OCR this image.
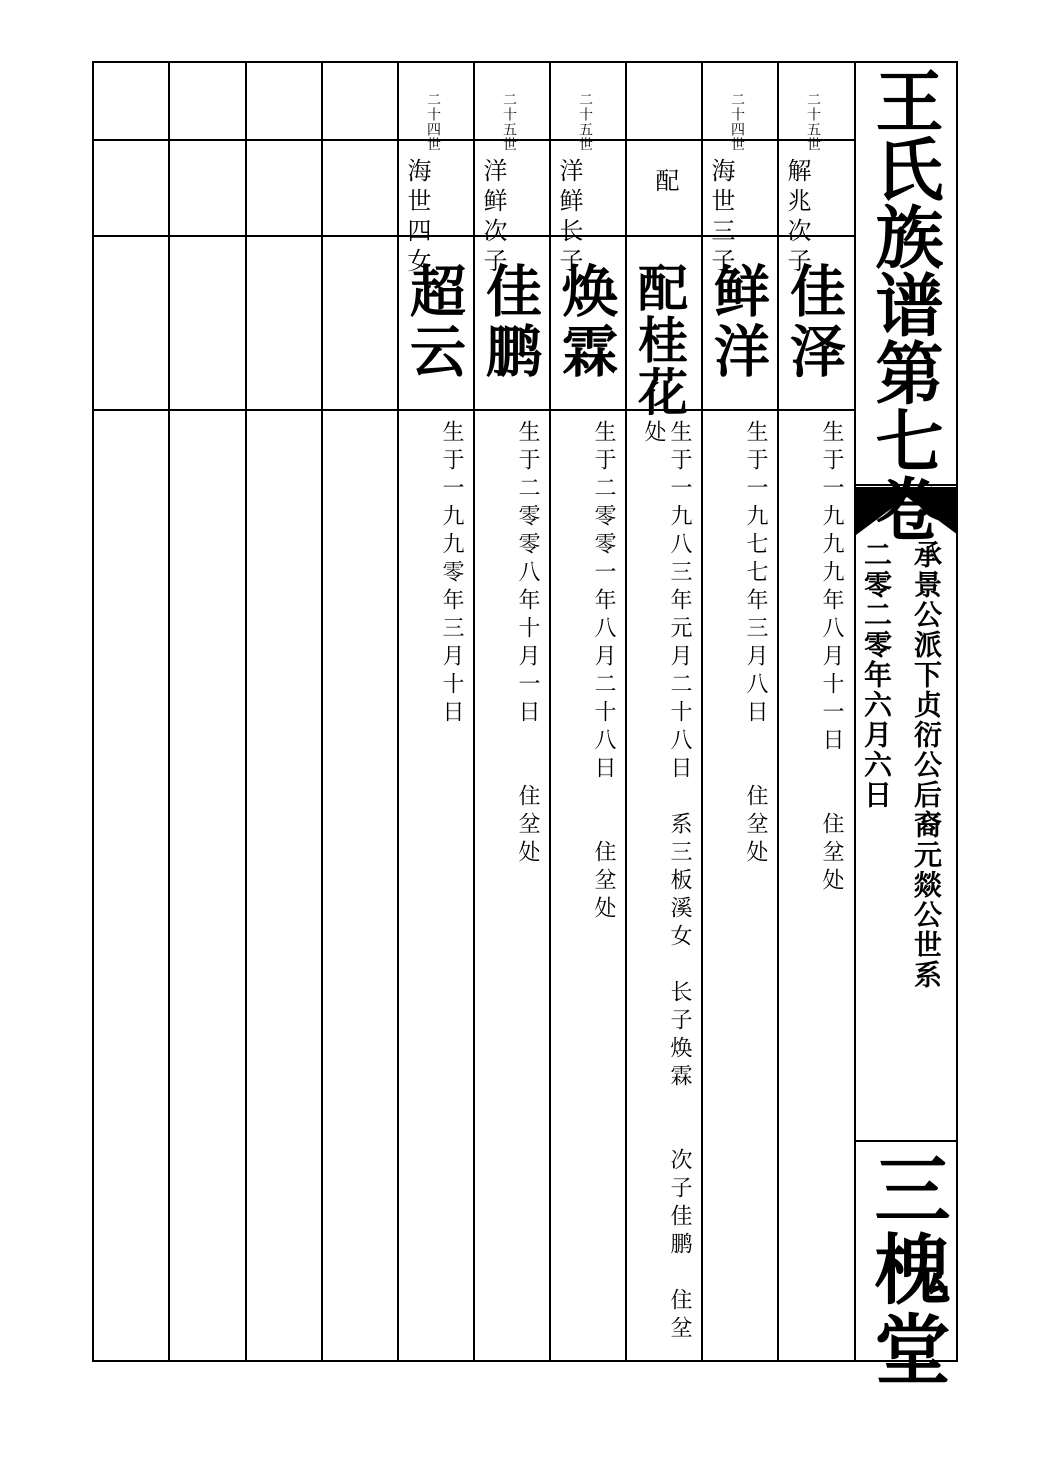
王氏族谱第七卷
承景公派下贞衍公后裔元燚公世系
二零二零年六月六日
三槐堂
二十五世
解兆次子
佳泽
生于一九九九年八月十一日　　住坌处
二十四世
海世三子
鲜洋
生于一九七七年三月八日　　住坌处
配
配桂花
生于一九八三年元月二十八日　系三板溪女　长子焕霖　　次子佳鹏　住坌处
二十五世
洋鲜长子
焕霖
生于二零零一年八月二十八日　　住坌处
二十五世
洋鲜次子
佳鹏
生于二零零八年十月一日　　住坌处
二十四世
海世四女
超云
生于一九九零年三月十日
